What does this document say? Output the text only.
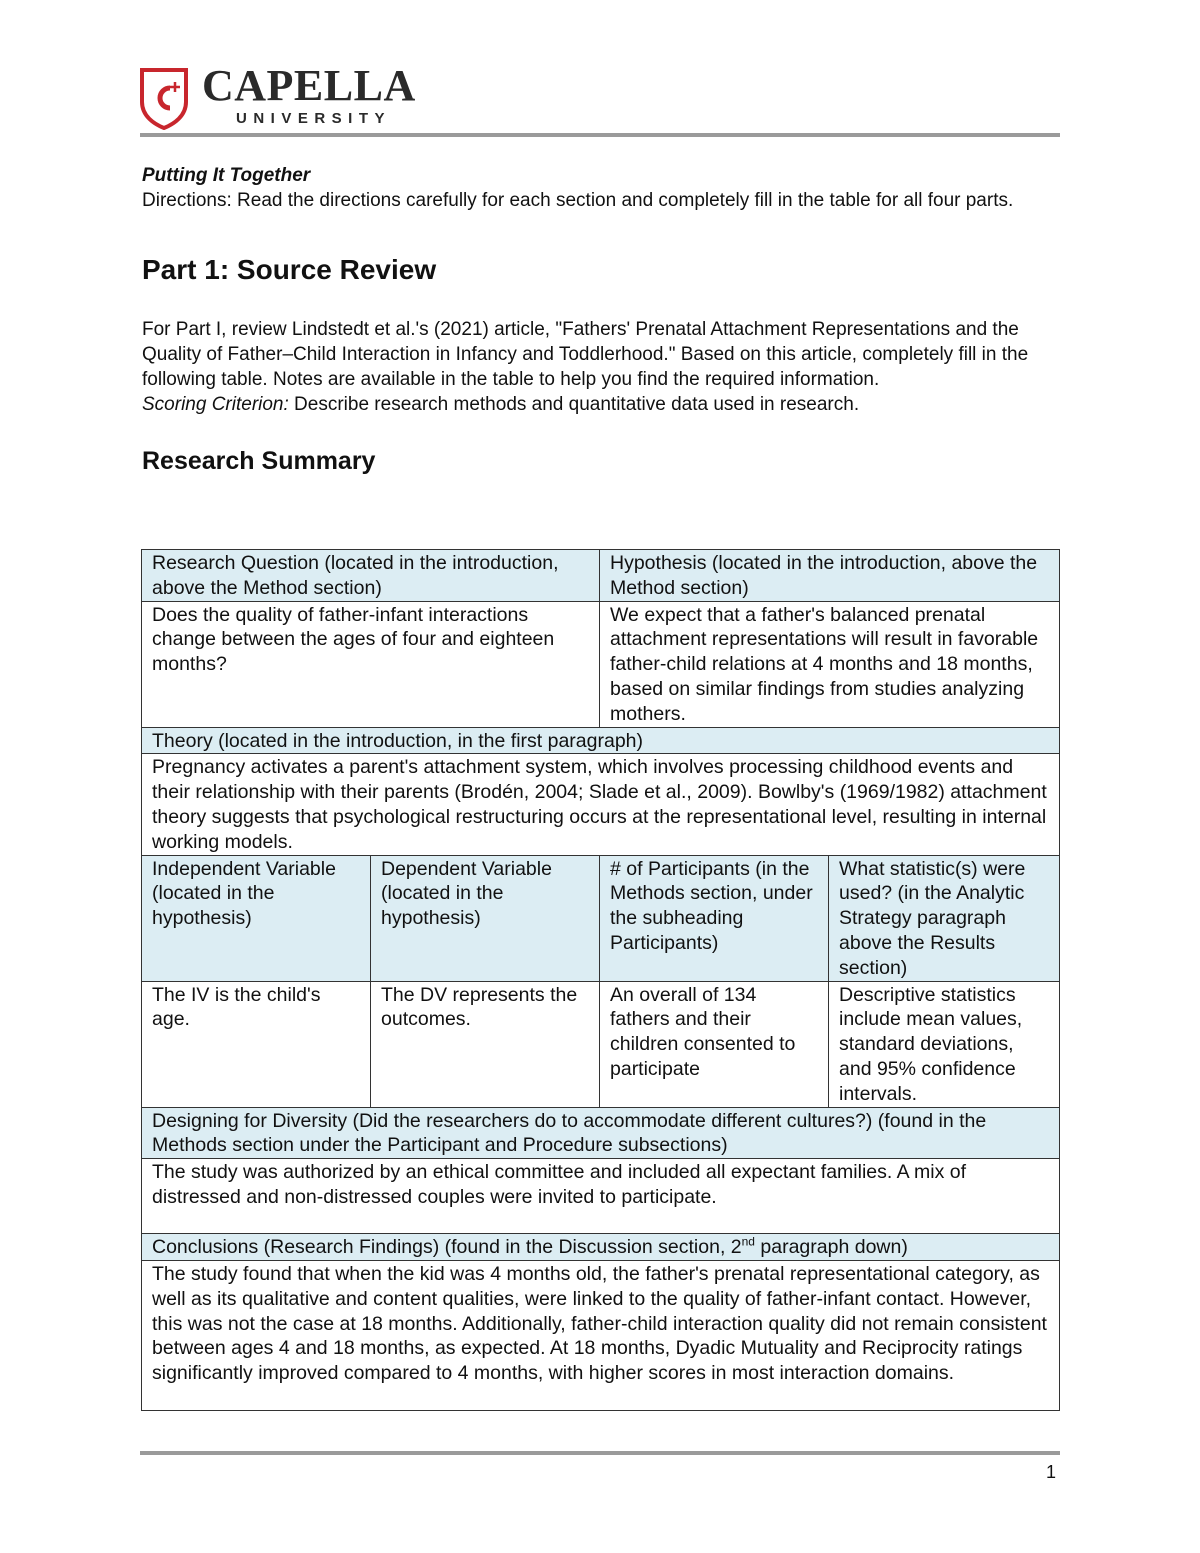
CAPELLA
UNIVERSITY
Putting It Together
Directions: Read the directions carefully for each section and completely fill in the table for all four parts.
Part 1: Source Review
For Part I, review Lindstedt et al.'s (2021) article, "Fathers' Prenatal Attachment Representations and the Quality of Father–Child Interaction in Infancy and Toddlerhood." Based on this article, completely fill in the following table. Notes are available in the table to help you find the required information.
Scoring Criterion: Describe research methods and quantitative data used in research.
Research Summary
Research Question (located in the introduction, above the Method section)		Hypothesis (located in the introduction, above the Method section)	
Does the quality of father-infant interactions change between the ages of four and eighteen months?		We expect that a father's balanced prenatal attachment representations will result in favorable father-child relations at 4 months and 18 months, based on similar findings from studies analyzing mothers.	
Theory (located in the introduction, in the first paragraph)			
Pregnancy activates a parent's attachment system, which involves processing childhood events and their relationship with their parents (Brodén, 2004; Slade et al., 2009). Bowlby's (1969/1982) attachment theory suggests that psychological restructuring occurs at the representational level, resulting in internal working models.			
Independent Variable (located in the hypothesis)	Dependent Variable (located in the hypothesis)	# of Participants (in the Methods section, under the subheading Participants)	What statistic(s) were used? (in the Analytic Strategy paragraph above the Results section)
The IV is the child's age.	The DV represents the outcomes.	An overall of 134 fathers and their children consented to participate	Descriptive statistics include mean values, standard deviations, and 95% confidence intervals.
Designing for Diversity (Did the researchers do to accommodate different cultures?) (found in the Methods section under the Participant and Procedure subsections)			
The study was authorized by an ethical committee and included all expectant families. A mix of distressed and non-distressed couples were invited to participate.			
Conclusions (Research Findings) (found in the Discussion section, 2nd paragraph down)			
The study found that when the kid was 4 months old, the father's prenatal representational category, as well as its qualitative and content qualities, were linked to the quality of father-infant contact. However, this was not the case at 18 months. Additionally, father-child interaction quality did not remain consistent between ages 4 and 18 months, as expected. At 18 months, Dyadic Mutuality and Reciprocity ratings significantly improved compared to 4 months, with higher scores in most interaction domains.			
1
